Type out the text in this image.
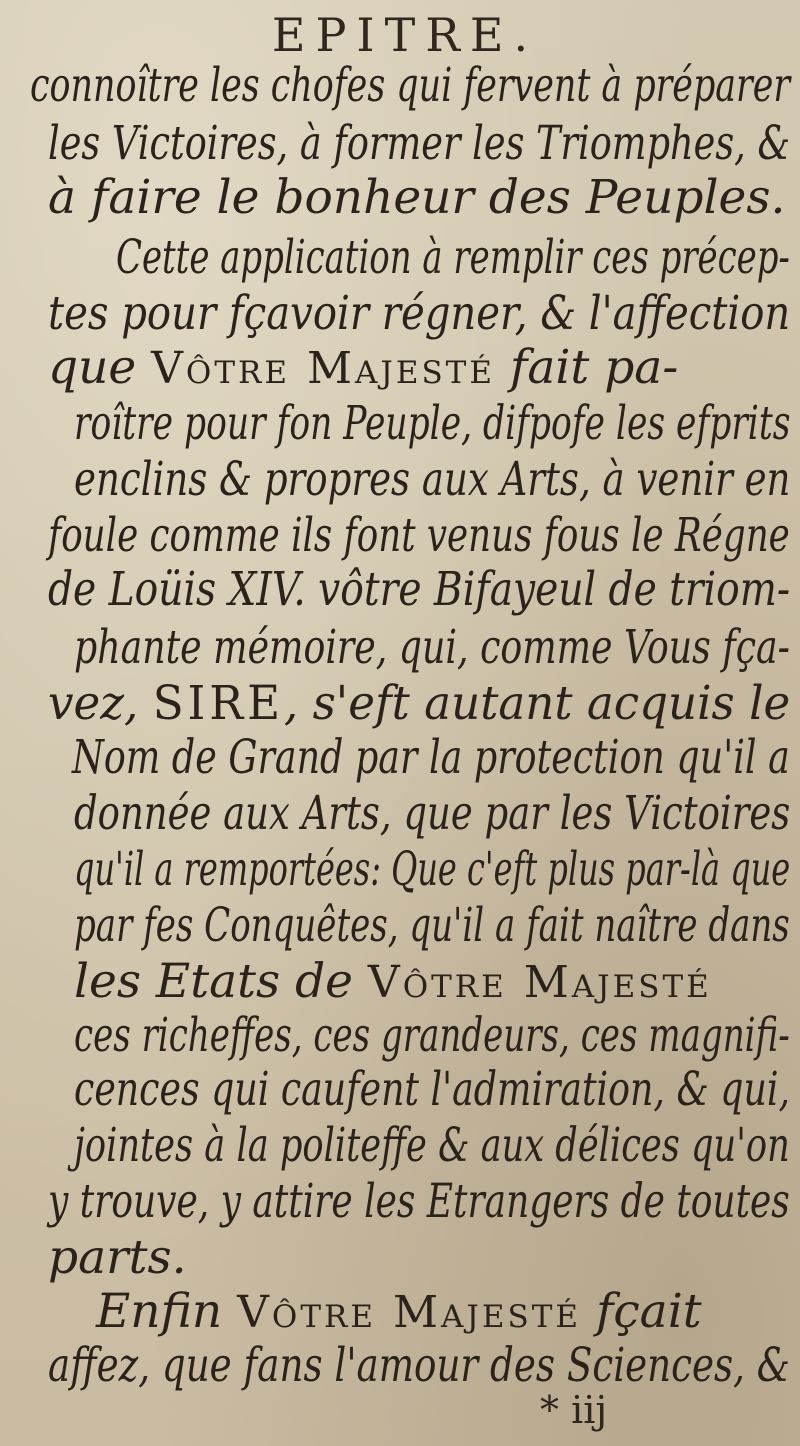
EPITRE.
connoître les chofes qui fervent à préparer
les Victoires, à former les Triomphes, &
à faire le bonheur des Peuples.
Cette application à remplir ces précep-
tes pour fçavoir régner, & l'affection
que Vôtre Majesté fait pa-
roître pour fon Peuple, difpofe les efprits
enclins & propres aux Arts, à venir en
foule comme ils font venus fous le Régne
de Loüis XIV. vôtre Bifayeul de triom-
phante mémoire, qui, comme Vous fça-
vez, SIRE, s'eft autant acquis le
Nom de Grand par la protection qu'il a
donnée aux Arts, que par les Victoires
qu'il a remportées: Que c'eft plus par-là que
par fes Conquêtes, qu'il a fait naître dans
les Etats de Vôtre Majesté
ces richeffes, ces grandeurs, ces magnifi-
cences qui caufent l'admiration, & qui,
jointes à la politeffe & aux délices qu'on
y trouve, y attire les Etrangers de toutes
parts.
Enfin Vôtre Majesté fçait
affez, que fans l'amour des Sciences, &
* iij
